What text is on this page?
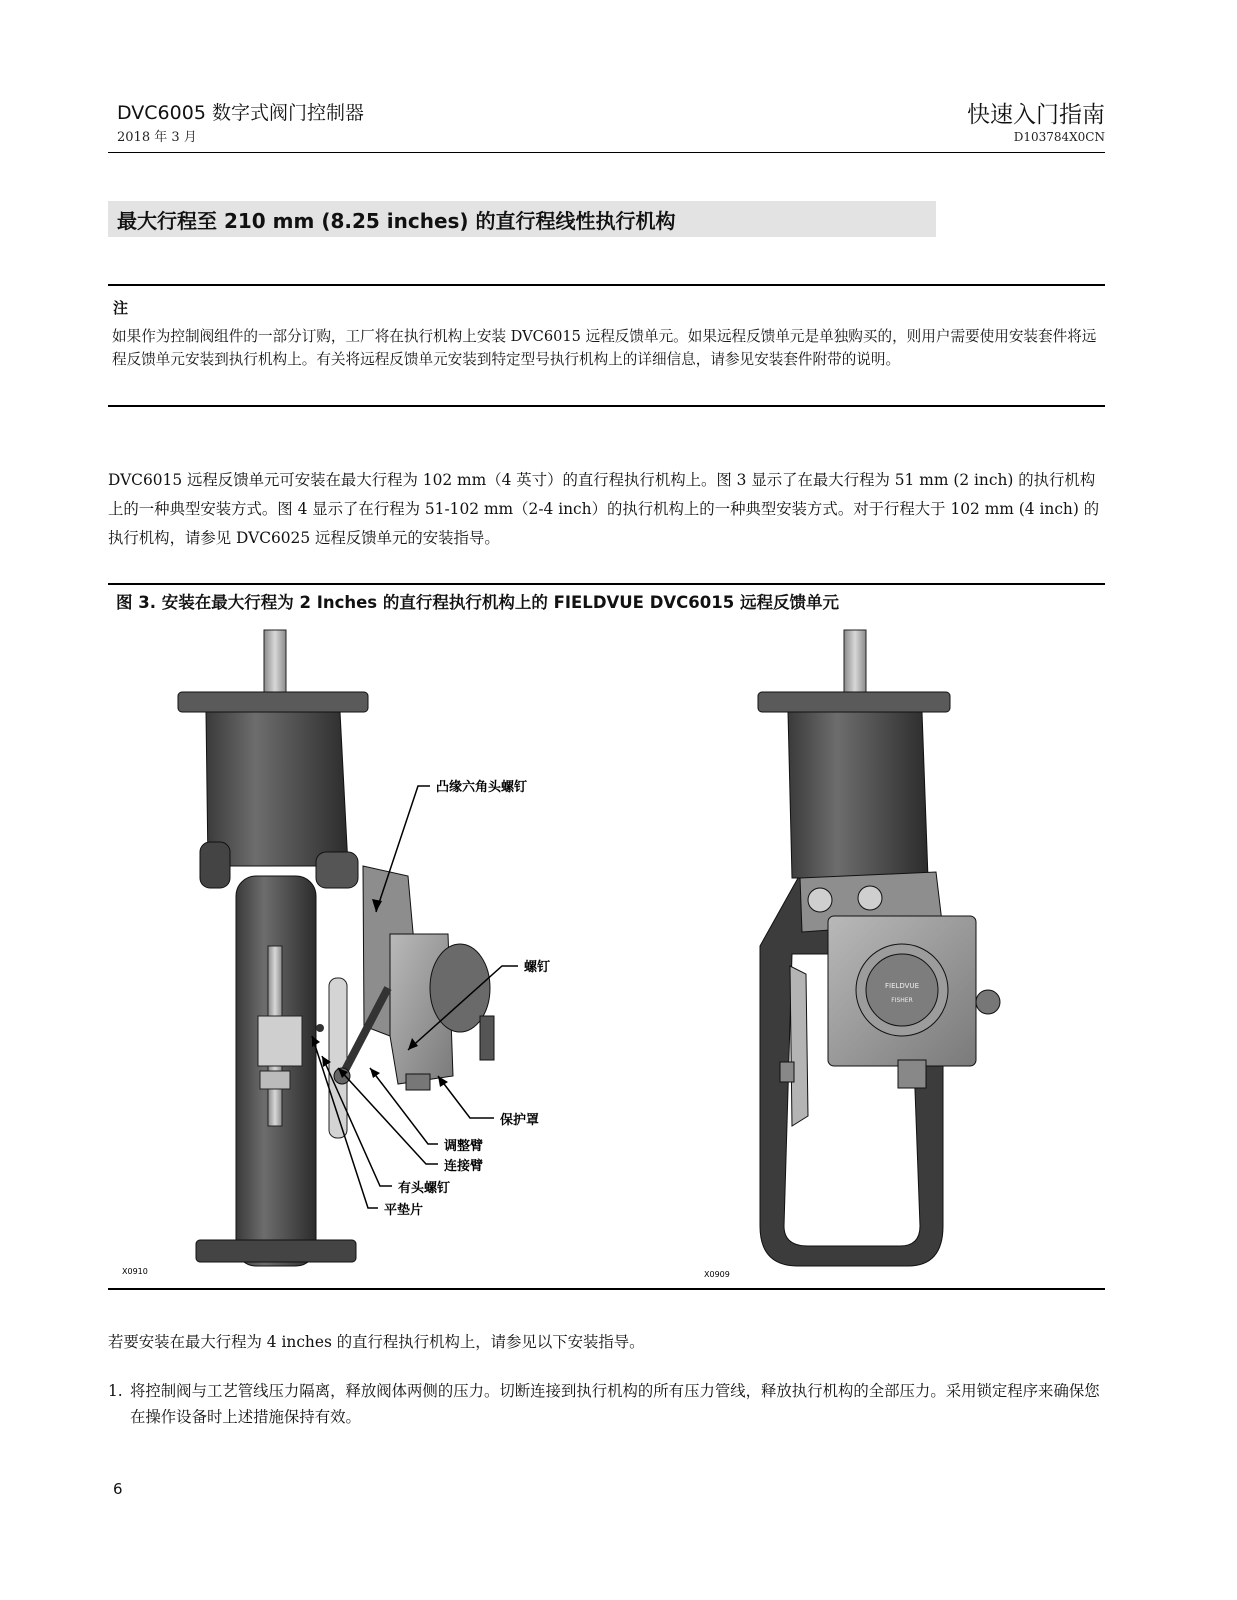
DVC6005 数字式阀门控制器
2018 年 3 月
快速入门指南
D103784X0CN
最大行程至 210 mm (8.25 inches) 的直行程线性执行机构
注
如果作为控制阀组件的一部分订购，工厂将在执行机构上安装 DVC6015 远程反馈单元。如果远程反馈单元是单独购买的，则用户需要使用安装套件将远程反馈单元安装到执行机构上。有关将远程反馈单元安装到特定型号执行机构上的详细信息，请参见安装套件附带的说明。
DVC6015 远程反馈单元可安装在最大行程为 102 mm（4 英寸）的直行程执行机构上。图 3 显示了在最大行程为 51 mm (2 inch) 的执行机构上的一种典型安装方式。图 4 显示了在行程为 51-102 mm（2-4 inch）的执行机构上的一种典型安装方式。对于行程大于 102 mm (4 inch) 的执行机构，请参见 DVC6025 远程反馈单元的安装指导。
图 3. 安装在最大行程为 2 Inches 的直行程执行机构上的 FIELDVUE DVC6015 远程反馈单元
FIELDVUE
FISHER
凸缘六角头螺钉
螺钉
保护罩
调整臂
连接臂
有头螺钉
平垫片
X0910	X0909
若要安装在最大行程为 4 inches 的直行程执行机构上，请参见以下安装指导。
1. 将控制阀与工艺管线压力隔离，释放阀体两侧的压力。切断连接到执行机构的所有压力管线，释放执行机构的全部压力。采用锁定程序来确保您在操作设备时上述措施保持有效。
6
